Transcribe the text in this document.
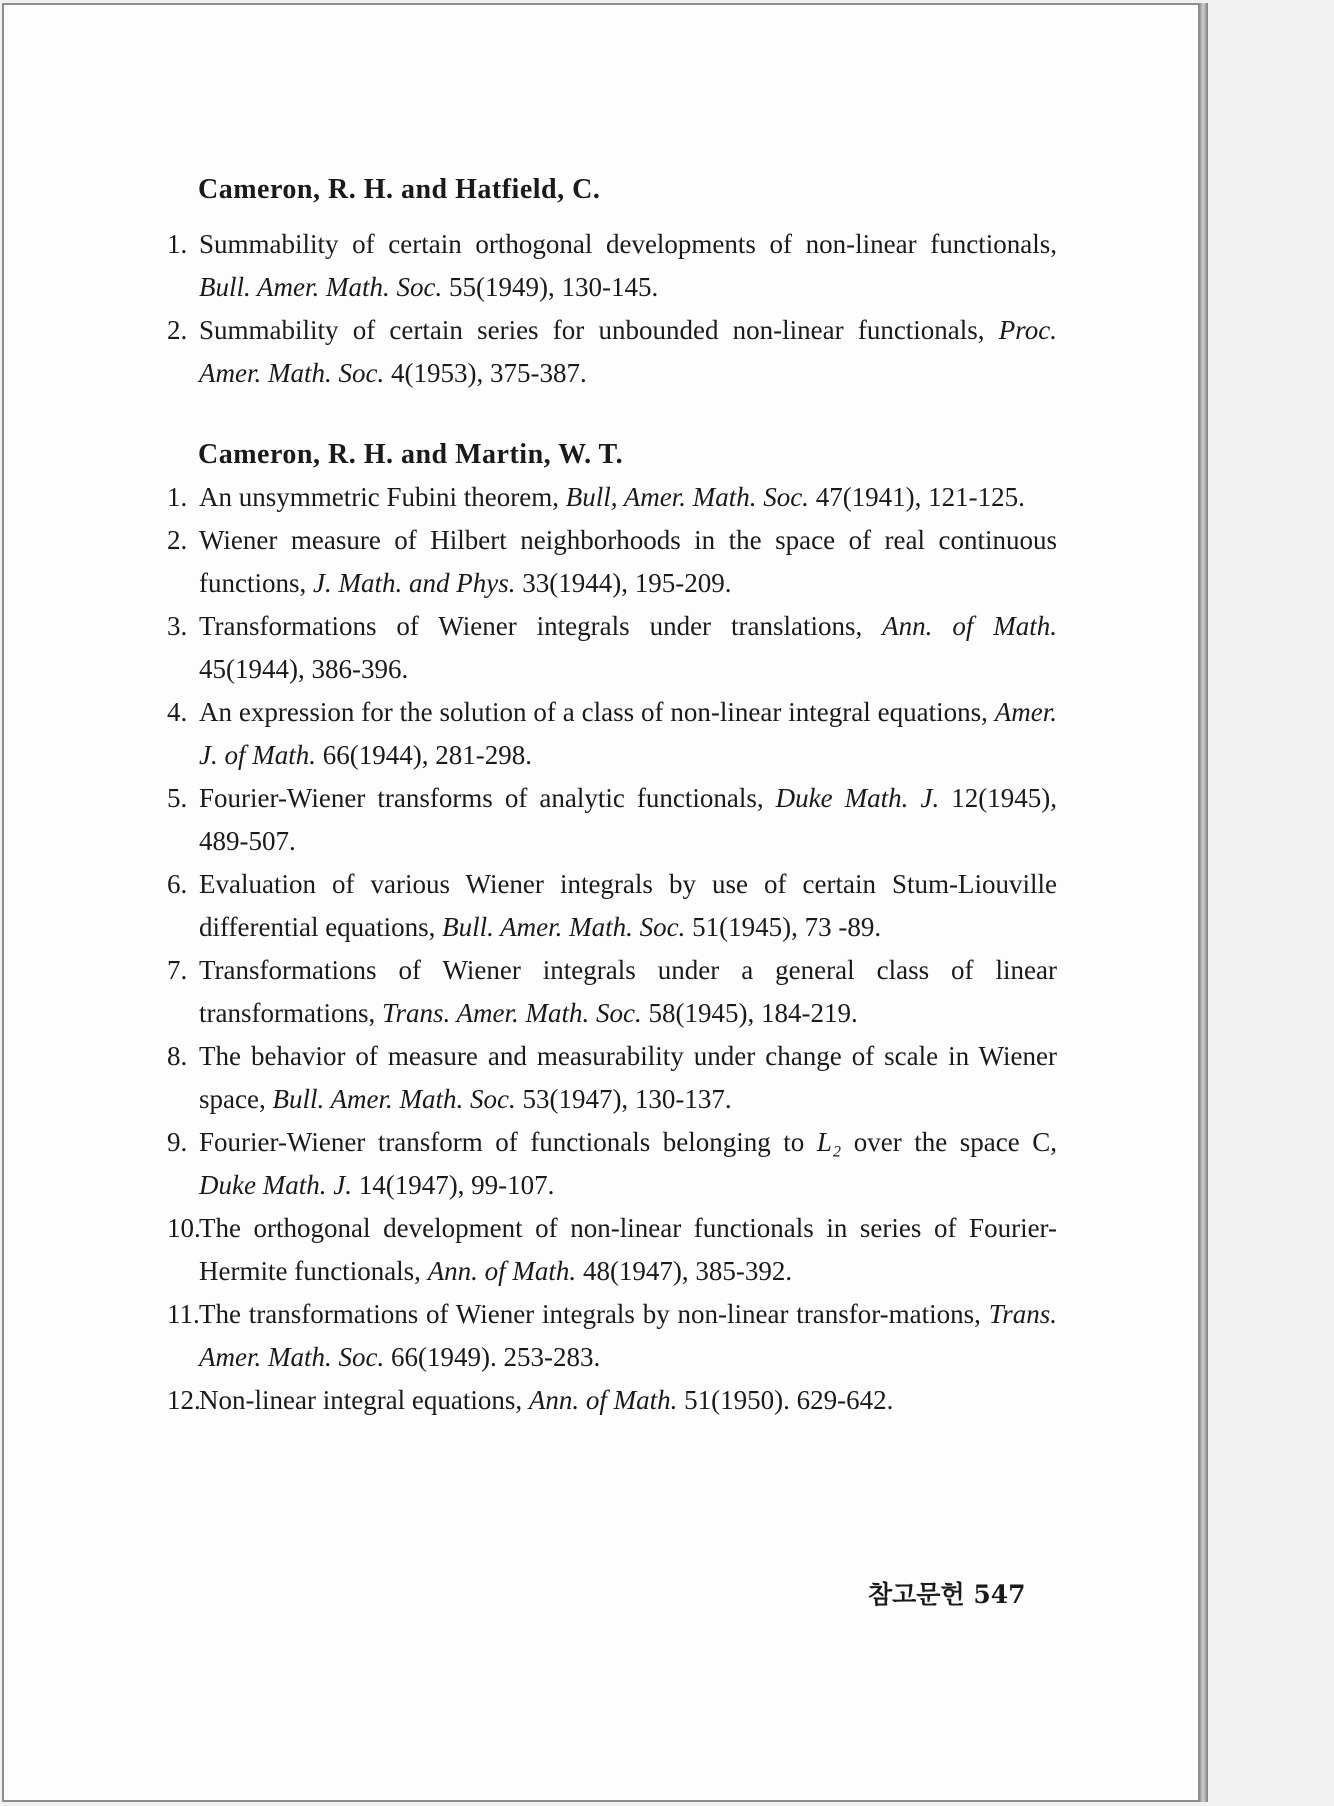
Cameron, R. H. and Hatfield, C.
1. Summability of certain orthogonal developments of non-linear functionals, Bull. Amer. Math. Soc. 55(1949), 130-145.
2. Summability of certain series for unbounded non-linear functionals, Proc. Amer. Math. Soc. 4(1953), 375-387.
Cameron, R. H. and Martin, W. T.
1. An unsymmetric Fubini theorem, Bull, Amer. Math. Soc. 47(1941), 121-125.
2. Wiener measure of Hilbert neighborhoods in the space of real continuous functions, J. Math. and Phys. 33(1944), 195-209.
3. Transformations of Wiener integrals under translations, Ann. of Math. 45(1944), 386-396.
4. An expression for the solution of a class of non-linear integral equations, Amer. J. of Math. 66(1944), 281-298.
5. Fourier-Wiener transforms of analytic functionals, Duke Math. J. 12(1945), 489-507.
6. Evaluation of various Wiener integrals by use of certain Stum-Liouville differential equations, Bull. Amer. Math. Soc. 51(1945), 73 -89.
7. Transformations of Wiener integrals under a general class of linear transformations, Trans. Amer. Math. Soc. 58(1945), 184-219.
8. The behavior of measure and measurability under change of scale in Wiener space, Bull. Amer. Math. Soc. 53(1947), 130-137.
9. Fourier-Wiener transform of functionals belonging to L₂ over the space C, Duke Math. J. 14(1947), 99-107.
10.
The orthogonal development of non-linear functionals in series of Fourier-Hermite functionals, Ann. of Math. 48(1947), 385-392.
11. The transformations of Wiener integrals by non-linear transfor-mations, Trans. Amer. Math. Soc. 66(1949). 253-283.
12.
Non-linear integral equations, Ann. of Math. 51(1950). 629-642.
참고문헌 547
